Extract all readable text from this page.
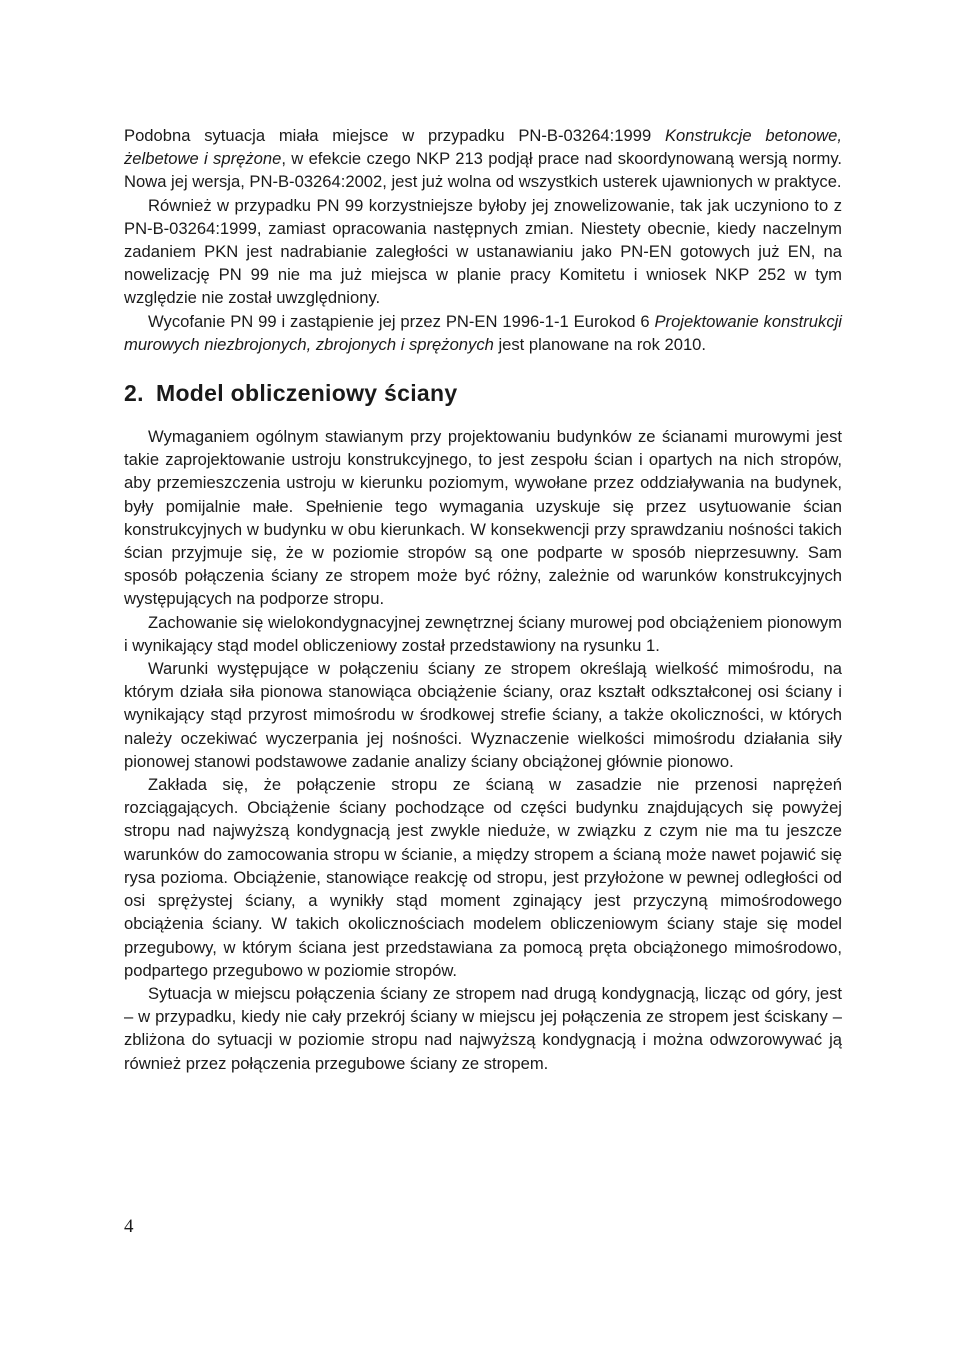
Podobna sytuacja miała miejsce w przypadku PN-B-03264:1999 Konstrukcje betonowe, żelbetowe i sprężone, w efekcie czego NKP 213 podjął prace nad skoordynowaną wersją normy. Nowa jej wersja, PN-B-03264:2002, jest już wolna od wszystkich usterek ujawnionych w praktyce.

Również w przypadku PN 99 korzystniejsze byłoby jej znowelizowanie, tak jak uczyniono to z PN-B-03264:1999, zamiast opracowania następnych zmian. Niestety obecnie, kiedy naczelnym zadaniem PKN jest nadrabianie zaległości w ustanawianiu jako PN-EN gotowych już EN, na nowelizację PN 99 nie ma już miejsca w planie pracy Komitetu i wniosek NKP 252 w tym względzie nie został uwzględniony.

Wycofanie PN 99 i zastąpienie jej przez PN-EN 1996-1-1 Eurokod 6 Projektowanie konstrukcji murowych niezbrojonych, zbrojonych i sprężonych jest planowane na rok 2010.

2. Model obliczeniowy ściany

Wymaganiem ogólnym stawianym przy projektowaniu budynków ze ścianami murowymi jest takie zaprojektowanie ustroju konstrukcyjnego, to jest zespołu ścian i opartych na nich stropów, aby przemieszczenia ustroju w kierunku poziomym, wywołane przez oddziaływania na budynek, były pomijalnie małe. Spełnienie tego wymagania uzyskuje się przez usytuowanie ścian konstrukcyjnych w budynku w obu kierunkach. W konsekwencji przy sprawdzaniu nośności takich ścian przyjmuje się, że w poziomie stropów są one podparte w sposób nieprzesuwny. Sam sposób połączenia ściany ze stropem może być różny, zależnie od warunków konstrukcyjnych występujących na podporze stropu.

Zachowanie się wielokondygnacyjnej zewnętrznej ściany murowej pod obciążeniem pionowym i wynikający stąd model obliczeniowy został przedstawiony na rysunku 1.

Warunki występujące w połączeniu ściany ze stropem określają wielkość mimośrodu, na którym działa siła pionowa stanowiąca obciążenie ściany, oraz kształt odkształconej osi ściany i wynikający stąd przyrost mimośrodu w środkowej strefie ściany, a także okoliczności, w których należy oczekiwać wyczerpania jej nośności. Wyznaczenie wielkości mimośrodu działania siły pionowej stanowi podstawowe zadanie analizy ściany obciążonej głównie pionowo.

Zakłada się, że połączenie stropu ze ścianą w zasadzie nie przenosi naprężeń rozciągających. Obciążenie ściany pochodzące od części budynku znajdujących się powyżej stropu nad najwyższą kondygnacją jest zwykle nieduże, w związku z czym nie ma tu jeszcze warunków do zamocowania stropu w ścianie, a między stropem a ścianą może nawet pojawić się rysa pozioma. Obciążenie, stanowiące reakcję od stropu, jest przyłożone w pewnej odległości od osi sprężystej ściany, a wynikły stąd moment zginający jest przyczyną mimośrodowego obciążenia ściany. W takich okolicznościach modelem obliczeniowym ściany staje się model przegubowy, w którym ściana jest przedstawiana za pomocą pręta obciążonego mimośrodowo, podpartego przegubowo w poziomie stropów.

Sytuacja w miejscu połączenia ściany ze stropem nad drugą kondygnacją, licząc od góry, jest – w przypadku, kiedy nie cały przekrój ściany w miejscu jej połączenia ze stropem jest ściskany – zbliżona do sytuacji w poziomie stropu nad najwyższą kondygnacją i można odwzorowywać ją również przez połączenia przegubowe ściany ze stropem.

4
